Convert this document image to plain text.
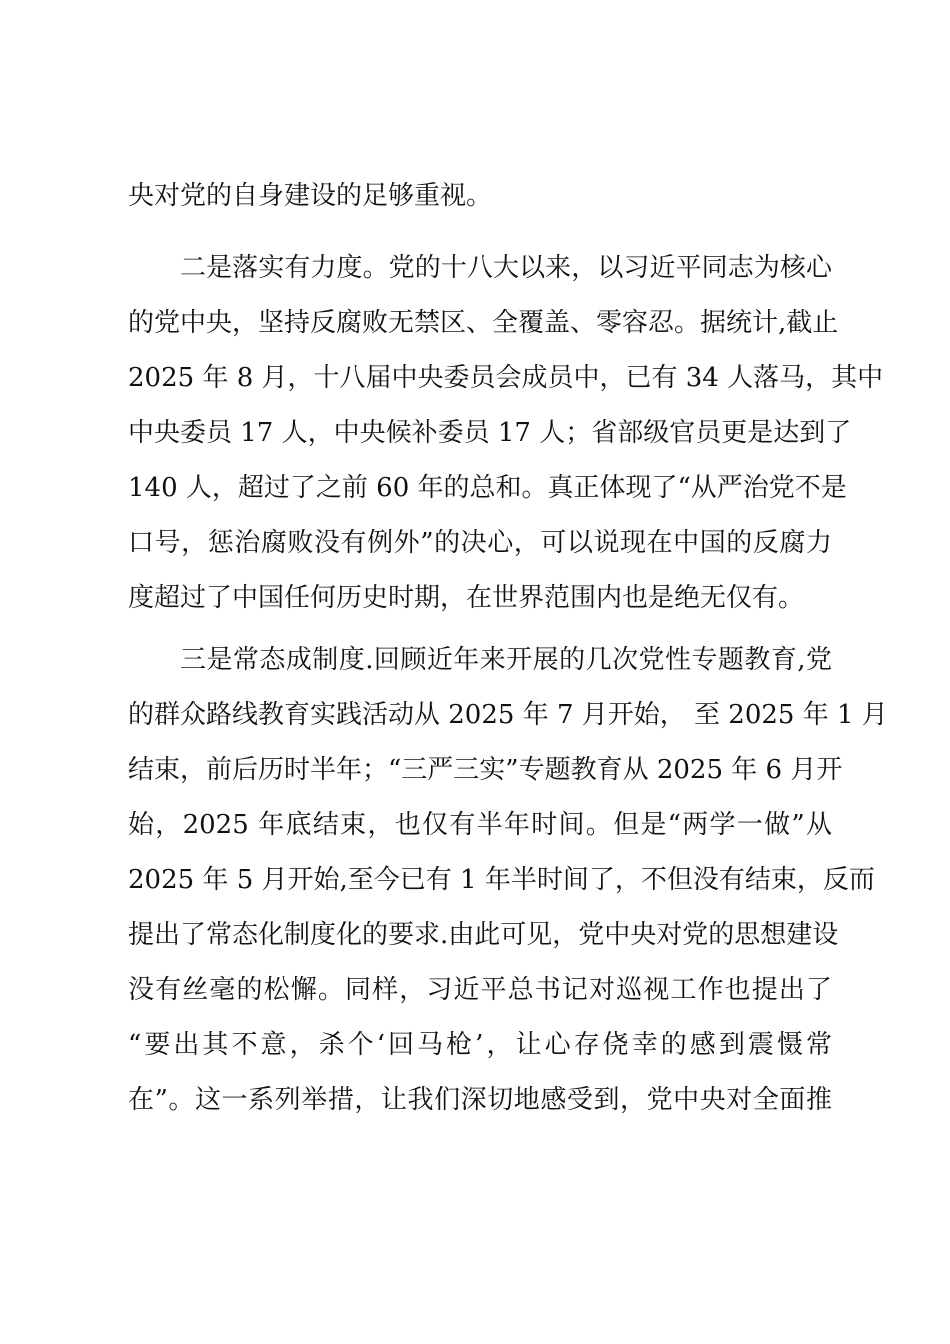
央对党的自身建设的足够重视。
二是落实有力度。党的十八大以来，以习近平同志为核心
的党中央，坚持反腐败无禁区、全覆盖、零容忍。据统计,截止
2025 年 8 月，十八届中央委员会成员中，已有 34 人落马，其中
中央委员 17 人，中央候补委员 17 人；省部级官员更是达到了
140 人，超过了之前 60 年的总和。真正体现了“从严治党不是
口号，惩治腐败没有例外”的决心，可以说现在中国的反腐力
度超过了中国任何历史时期，在世界范围内也是绝无仅有。
三是常态成制度.回顾近年来开展的几次党性专题教育,党
的群众路线教育实践活动从 2025 年 7 月开始， 至 2025 年 1 月
结束，前后历时半年；“三严三实”专题教育从 2025 年 6 月开
始，2025 年底结束，也仅有半年时间。但是“两学一做”从
2025 年 5 月开始,至今已有 1 年半时间了，不但没有结束，反而
提出了常态化制度化的要求.由此可见，党中央对党的思想建设
没有丝毫的松懈。同样，习近平总书记对巡视工作也提出了
“要出其不意，杀个‘回马枪’，让心存侥幸的感到震慑常
在”。这一系列举措，让我们深切地感受到，党中央对全面推
